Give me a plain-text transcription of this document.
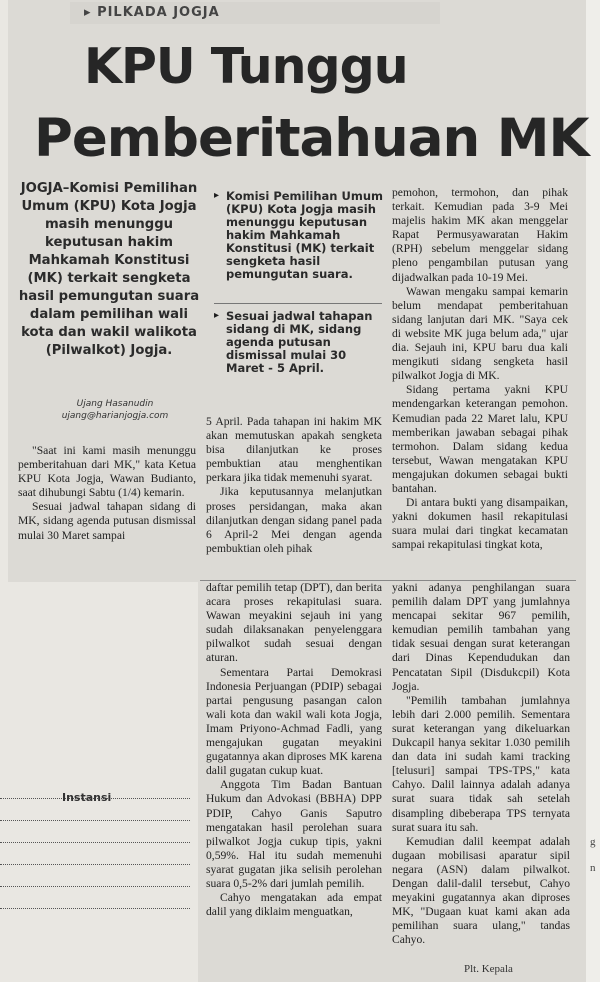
g
n
▸ PILKADA JOGJA
KPU Tunggu
Pemberitahuan MK
JOGJA–Komisi Pemilihan Umum (KPU) Kota Jogja masih menunggu keputusan hakim Mahkamah Konstitusi (MK) terkait sengketa hasil pemungutan suara dalam pemilihan wali kota dan wakil walikota (Pilwalkot) Jogja.
Ujang Hasanudin
ujang@harianjogja.com
▸ Komisi Pemilihan Umum (KPU) Kota Jogja masih menunggu keputusan hakim Mahkamah Konstitusi (MK) terkait sengketa hasil pemungutan suara.
▸ Sesuai jadwal tahapan sidang di MK, sidang agenda putusan dismissal mulai 30 Maret - 5 April.

"Saat ini kami masih menunggu pemberitahuan dari MK," kata Ketua KPU Kota Jogja, Wawan Budianto, saat dihubungi Sabtu (1/4) kemarin.

Sesuai jadwal tahapan sidang di MK, sidang agenda putusan dismissal mulai 30 Maret sampai

5 April. Pada tahapan ini hakim MK akan memutuskan apakah sengketa bisa dilanjutkan ke proses pembuktian atau menghentikan perkara jika tidak memenuhi syarat.

Jika keputusannya melanjutkan proses persidangan, maka akan dilanjutkan dengan sidang panel pada 6 April-2 Mei dengan agenda pembuktian oleh pihak

pemohon, termohon, dan pihak terkait. Kemudian pada 3-9 Mei majelis hakim MK akan menggelar Rapat Permusyawaratan Hakim (RPH) sebelum menggelar sidang pleno pengambilan putusan yang dijadwalkan pada 10-19 Mei.

Wawan mengaku sampai kemarin belum mendapat pemberitahuan sidang lanjutan dari MK. "Saya cek di website MK juga belum ada," ujar dia. Sejauh ini, KPU baru dua kali mengikuti sidang sengketa hasil pilwalkot Jogja di MK.

Sidang pertama yakni KPU mendengarkan keterangan pemohon. Kemudian pada 22 Maret lalu, KPU memberikan jawaban sebagai pihak termohon. Dalam sidang kedua tersebut, Wawan mengatakan KPU mengajukan dokumen sebagai bukti bantahan.

Di antara bukti yang disampaikan, yakni dokumen hasil rekapitulasi suara mulai dari tingkat kecamatan sampai rekapitulasi tingkat kota,

Instansi

daftar pemilih tetap (DPT), dan berita acara proses rekapitulasi suara. Wawan meyakini sejauh ini yang sudah dilaksanakan penyelenggara pilwalkot sudah sesuai dengan aturan.

Sementara Partai Demokrasi Indonesia Perjuangan (PDIP) sebagai partai pengusung pasangan calon wali kota dan wakil wali kota Jogja, Imam Priyono-Achmad Fadli, yang mengajukan gugatan meyakini gugatannya akan diproses MK karena dalil gugatan cukup kuat.

Anggota Tim Badan Bantuan Hukum dan Advokasi (BBHA) DPP PDIP, Cahyo Ganis Saputro mengatakan hasil perolehan suara pilwalkot Jogja cukup tipis, yakni 0,59%. Hal itu sudah memenuhi syarat gugatan jika selisih perolehan suara 0,5-2% dari jumlah pemilih.

Cahyo mengatakan ada empat dalil yang diklaim menguatkan,

yakni adanya penghilangan suara pemilih dalam DPT yang jumlahnya mencapai sekitar 967 pemilih, kemudian pemilih tambahan yang tidak sesuai dengan surat keterangan dari Dinas Kependudukan dan Pencatatan Sipil (Disdukcpil) Kota Jogja.

"Pemilih tambahan jumlahnya lebih dari 2.000 pemilih. Sementara surat keterangan yang dikeluarkan Dukcapil hanya sekitar 1.030 pemilih dan data ini sudah kami tracking [telusuri] sampai TPS-TPS," kata Cahyo. Dalil lainnya adalah adanya surat suara tidak sah setelah disampling dibeberapa TPS ternyata surat suara itu sah.

Kemudian dalil keempat adalah dugaan mobilisasi aparatur sipil negara (ASN) dalam pilwalkot. Dengan dalil-dalil tersebut, Cahyo meyakini gugatannya akan diproses MK, "Dugaan kuat kami akan ada pemilihan suara ulang," tandas Cahyo.

Plt. Kepala
